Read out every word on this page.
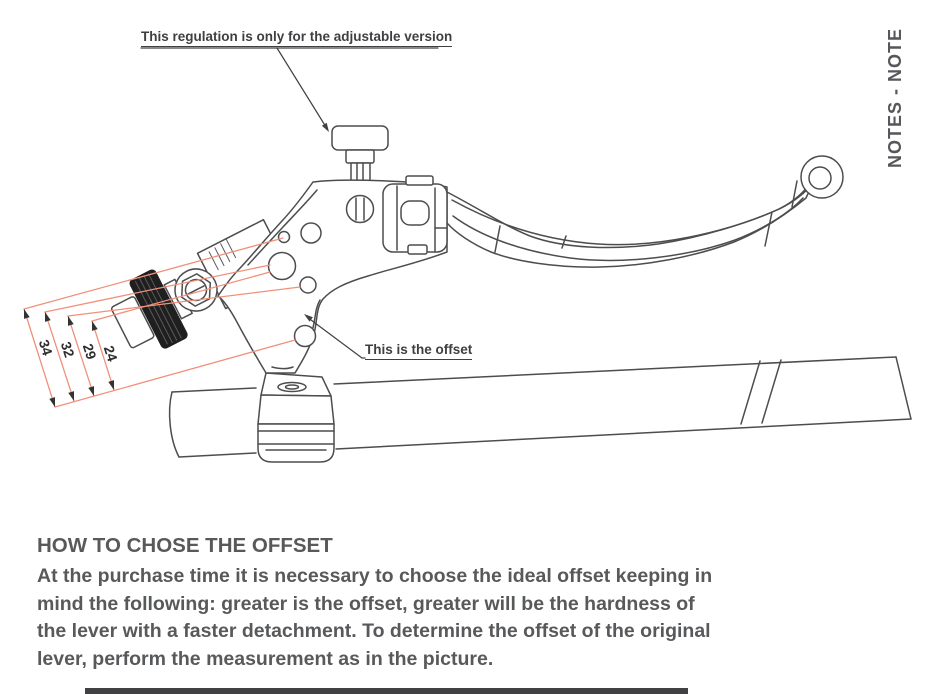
34 32 29 24
This regulation is only for the adjustable version
This is the offset
NOTES - NOTE
HOW TO CHOSE THE OFFSET
At the purchase time it is necessary to choose the ideal offset keeping in
mind the following: greater is the offset, greater will be the hardness of
the lever with a faster detachment. To determine the offset of the original
lever, perform the measurement as in the picture.
